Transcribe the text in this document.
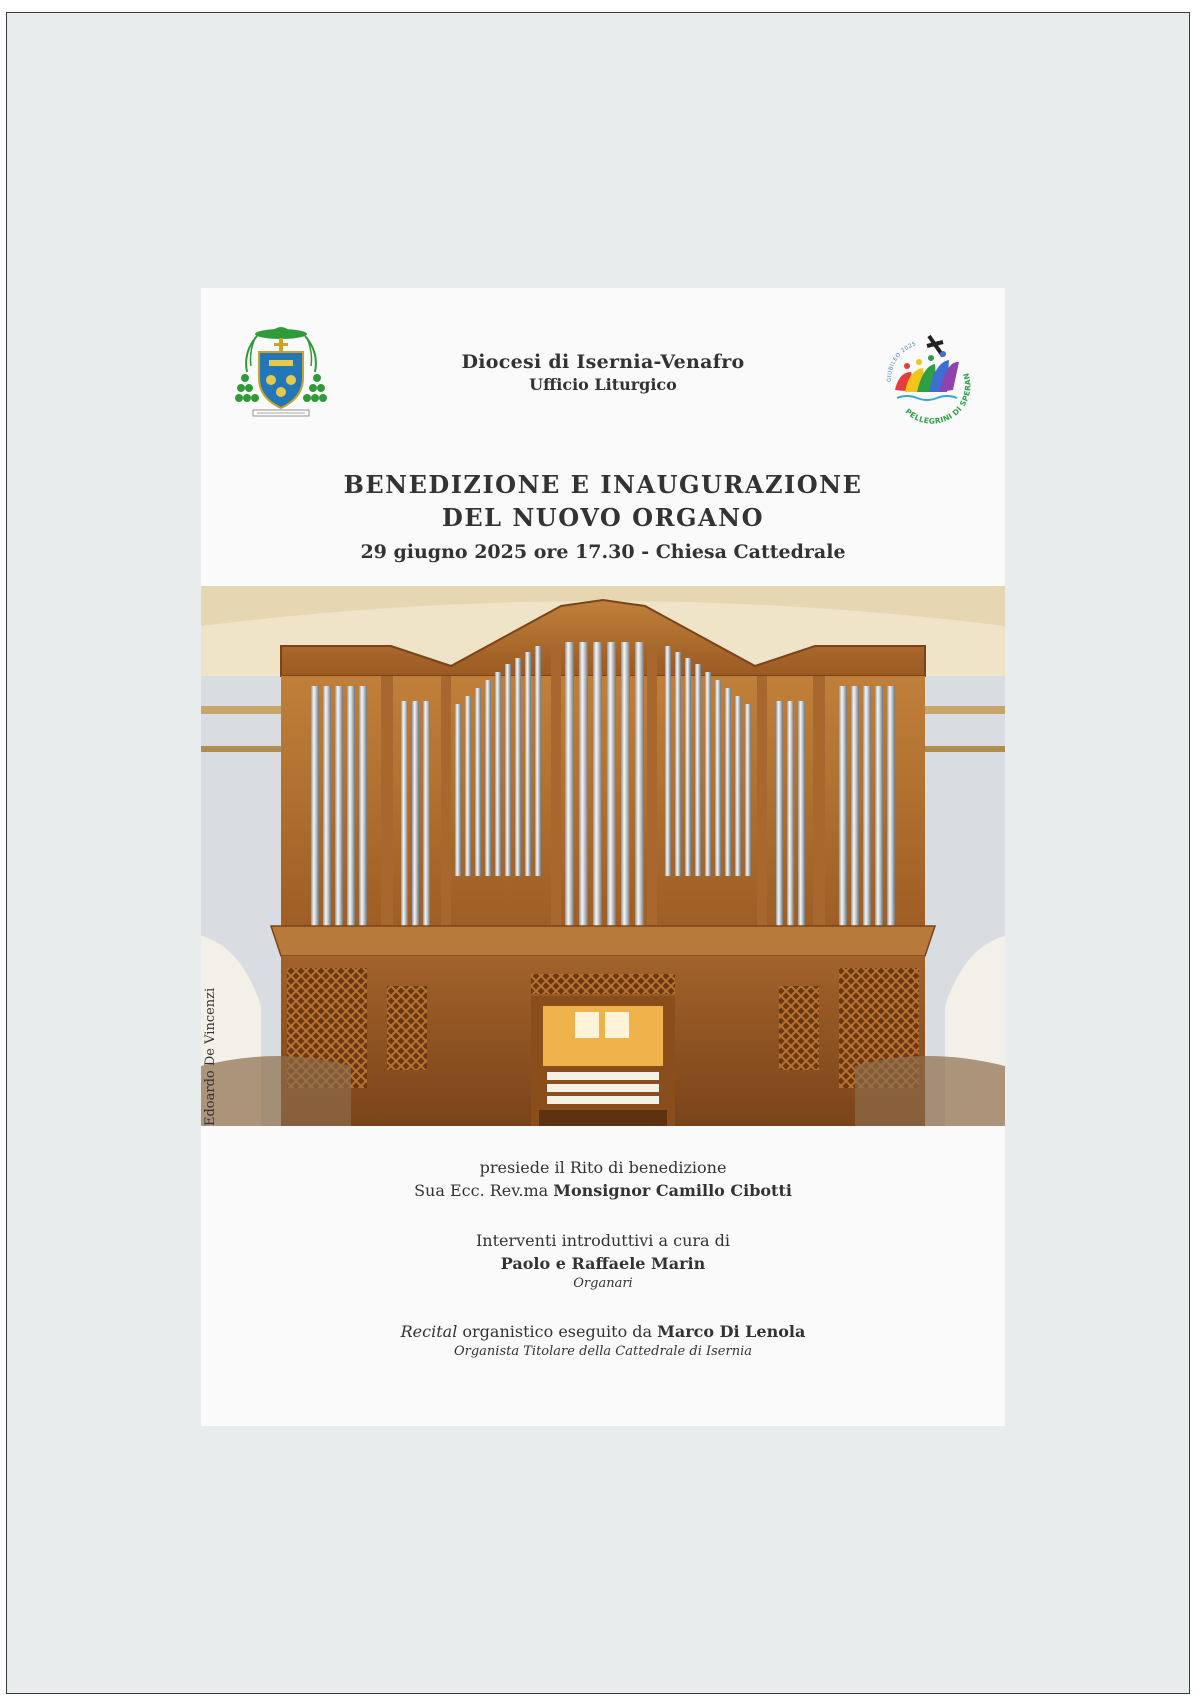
Diocesi di Isernia-Venafro
Ufficio Liturgico	GIUBILEO 2025
PELLEGRINI DI SPERAN
BENEDIZIONE E INAUGURAZIONE
DEL NUOVO ORGANO
29 giugno 2025 ore 17.30 - Chiesa Cattedrale
Edoardo De Vincenzi
presiede il Rito di benedizione
Sua Ecc. Rev.ma Monsignor Camillo Cibotti
Interventi introduttivi a cura di
Paolo e Raffaele Marin
Organari
Recital organistico eseguito da Marco Di Lenola
Organista Titolare della Cattedrale di Isernia
